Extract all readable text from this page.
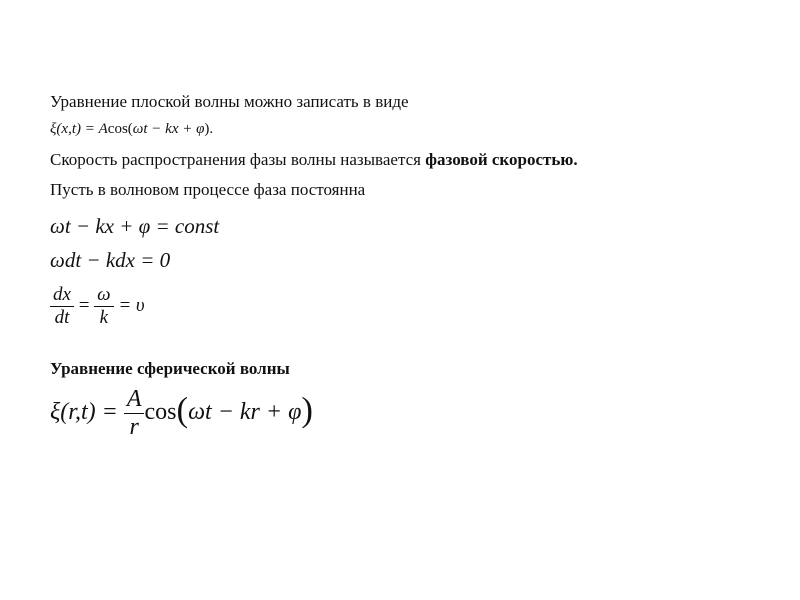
Уравнение плоской волны можно записать в виде
ξ(x,t) = Acos(ωt − kx + φ).
Скорость распространения фазы волны называется фазовой скоростью.
Пусть в волновом процессе фаза постоянна
ωt − kx + φ = const
ωdt − kdx = 0
$\frac{dx}{dt} = \frac{\omega}{k} = \upsilon$
Уравнение сферической волны
$\xi(r,t) = \frac{A}{r} \cos(\omega t$ − kr + φ)
